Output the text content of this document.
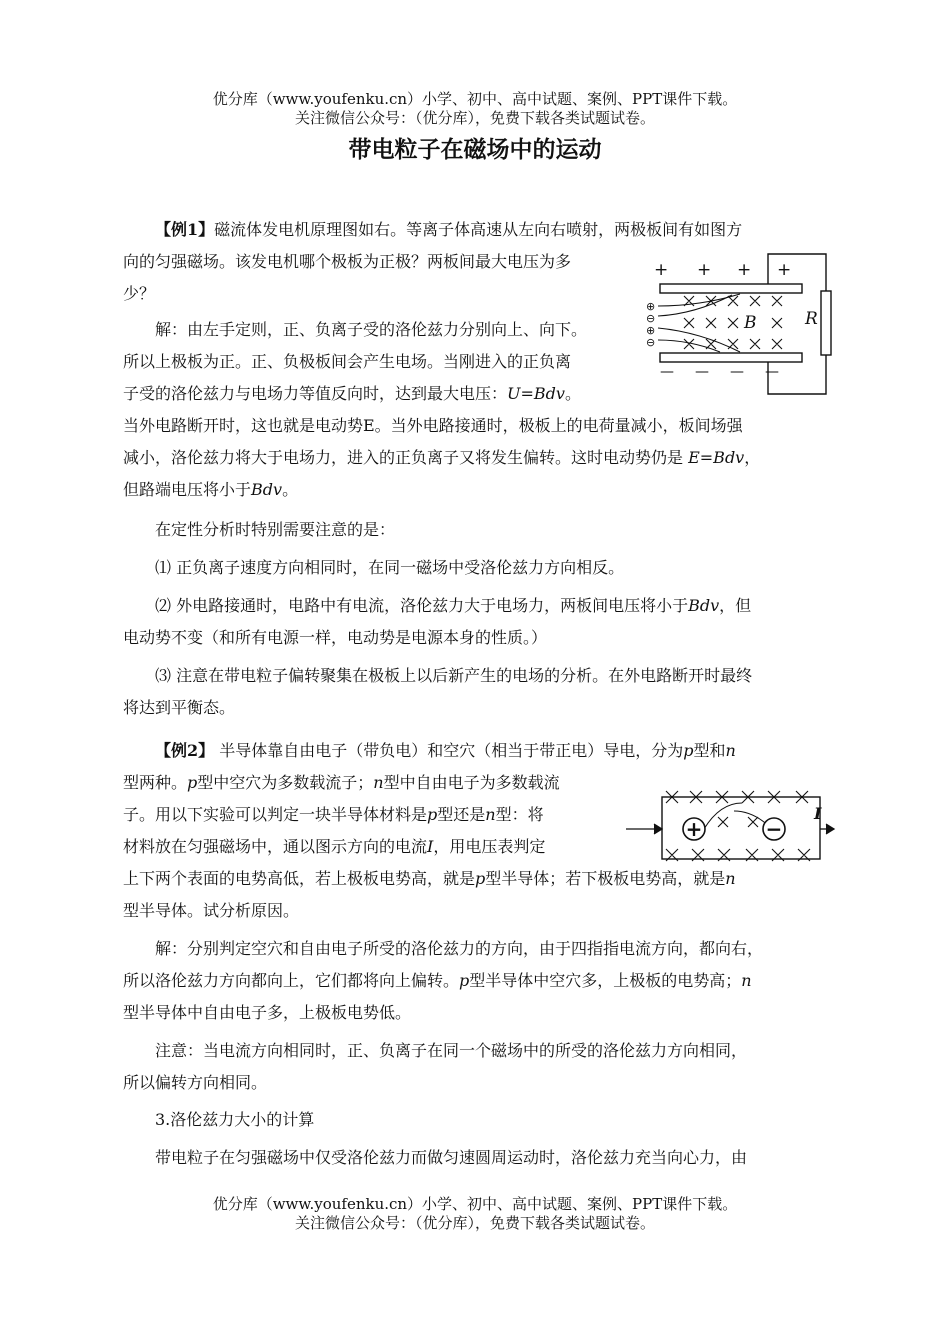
优分库（www.youfenku.cn）小学、初中、高中试题、案例、PPT课件下载。
关注微信公众号：（优分库），免费下载各类试题试卷。
带电粒子在磁场中的运动

【例1】磁流体发电机原理图如右。等离子体高速从左向右喷射，两极板间有如图方

向的匀强磁场。该发电机哪个极板为正极？两板间最大电压为多

少？

解：由左手定则，正、负离子受的洛伦兹力分别向上、向下。

所以上极板为正。正、负极板间会产生电场。当刚进入的正负离

子受的洛伦兹力与电场力等值反向时，达到最大电压：U=Bdv。

当外电路断开时，这也就是电动势E。当外电路接通时，极板上的电荷量减小，板间场强

减小，洛伦兹力将大于电场力，进入的正负离子又将发生偏转。这时电动势仍是 E=Bdv，

但路端电压将小于Bdv。

在定性分析时特别需要注意的是：

⑴ 正负离子速度方向相同时，在同一磁场中受洛伦兹力方向相反。

⑵ 外电路接通时，电路中有电流，洛伦兹力大于电场力，两板间电压将小于Bdv，但

电动势不变（和所有电源一样，电动势是电源本身的性质。）

⑶ 注意在带电粒子偏转聚集在极板上以后新产生的电场的分析。在外电路断开时最终

将达到平衡态。

【例2】 半导体靠自由电子（带负电）和空穴（相当于带正电）导电，分为p型和n

型两种。p型中空穴为多数载流子；n型中自由电子为多数载流

子。用以下实验可以判定一块半导体材料是p型还是n型：将

材料放在匀强磁场中，通以图示方向的电流I，用电压表判定

上下两个表面的电势高低，若上极板电势高，就是p型半导体；若下极板电势高，就是n

型半导体。试分析原因。

解：分别判定空穴和自由电子所受的洛伦兹力的方向，由于四指指电流方向，都向右，

所以洛伦兹力方向都向上，它们都将向上偏转。p型半导体中空穴多，上极板的电势高；n

型半导体中自由电子多，上极板电势低。

注意：当电流方向相同时，正、负离子在同一个磁场中的所受的洛伦兹力方向相同，

所以偏转方向相同。

3.洛伦兹力大小的计算

带电粒子在匀强磁场中仅受洛伦兹力而做匀速圆周运动时，洛伦兹力充当向心力，由

+ + + +
— — — —
⊕
⊖
⊕
⊖
B	R
+	−
I
优分库（www.youfenku.cn）小学、初中、高中试题、案例、PPT课件下载。
关注微信公众号：（优分库），免费下载各类试题试卷。
